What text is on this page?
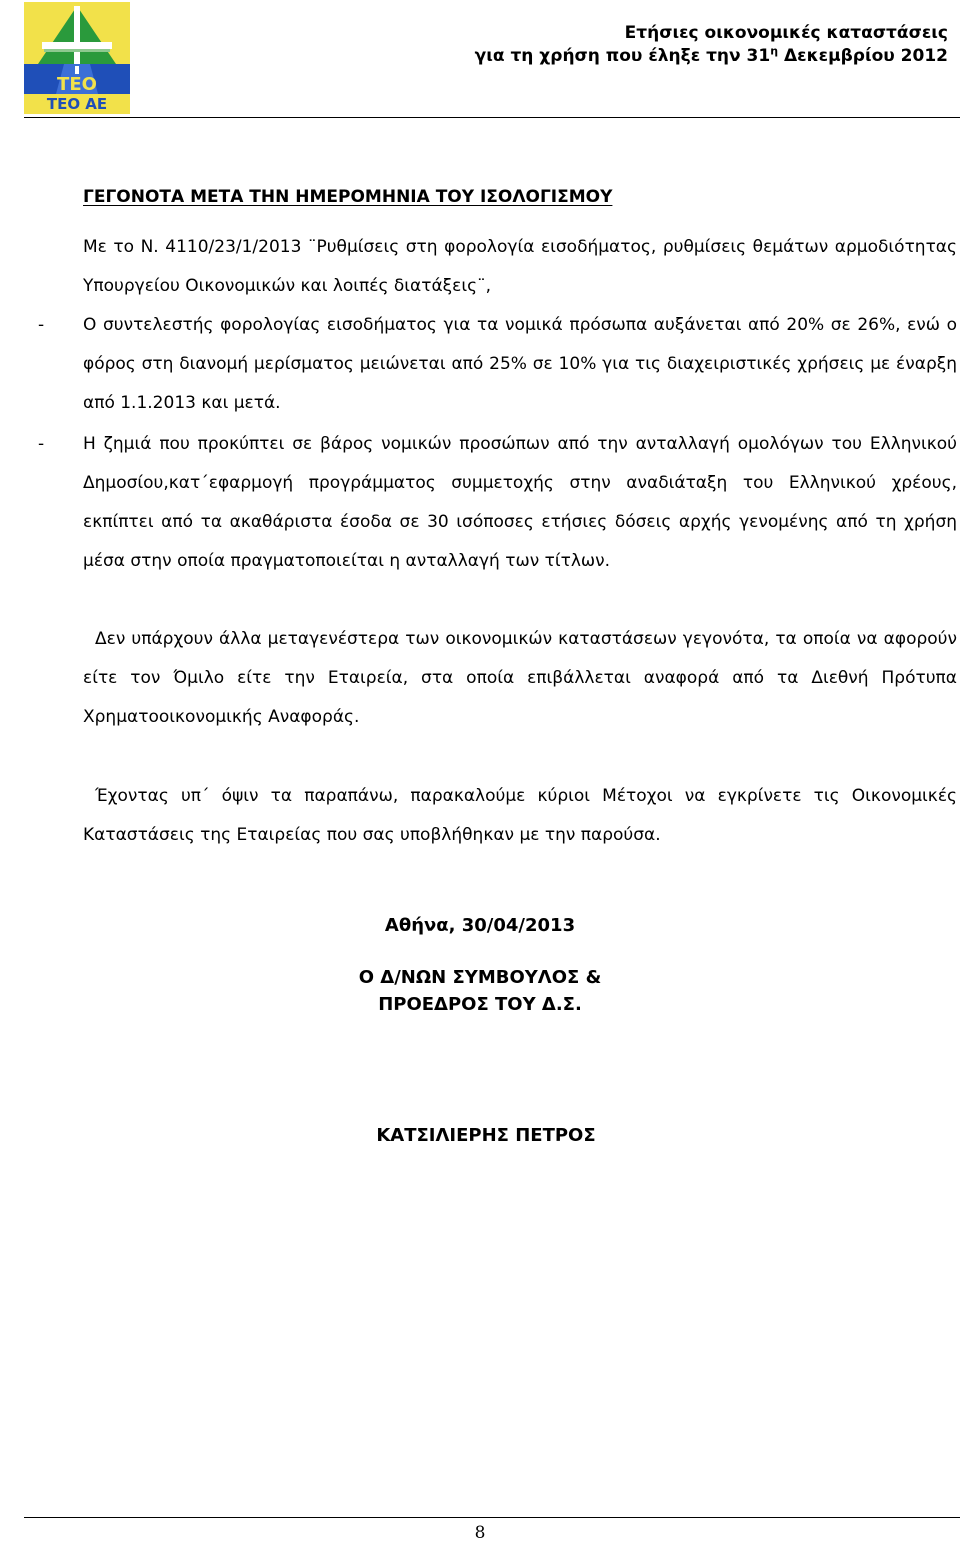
ΤΕΟ
ΤΕΟ ΑΕ
Ετήσιες οικονομικές καταστάσεις
για τη χρήση που έληξε την $31^\eta$ Δεκεμβρίου 2012
ΓΕΓΟΝΟΤΑ ΜΕΤΑ ΤΗΝ ΗΜΕΡΟΜΗΝΙΑ ΤΟΥ ΙΣΟΛΟΓΙΣΜΟΥ
Με το Ν. 4110/23/1/2013 ¨Ρυθμίσεις στη φορολογία εισοδήματος, ρυθμίσεις θεμάτων αρμοδιότητας Υπουργείου Οικονομικών και λοιπές διατάξεις¨,
- Ο συντελεστής φορολογίας εισοδήματος για τα νομικά πρόσωπα αυξάνεται από 20% σε 26%, ενώ ο φόρος στη διανομή μερίσματος μειώνεται από 25% σε 10% για τις διαχειριστικές χρήσεις με έναρξη από 1.1.2013 και μετά.
- Η ζημιά που προκύπτει σε βάρος νομικών προσώπων από την ανταλλαγή ομολόγων του Ελληνικού Δημοσίου,κατ΄εφαρμογή προγράμματος συμμετοχής στην αναδιάταξη του Ελληνικού χρέους, εκπίπτει από τα ακαθάριστα έσοδα σε 30 ισόποσες ετήσιες δόσεις αρχής γενομένης από τη χρήση μέσα στην οποία πραγματοποιείται η ανταλλαγή των τίτλων.
Δεν υπάρχουν άλλα μεταγενέστερα των οικονομικών καταστάσεων γεγονότα, τα οποία να αφορούν είτε τον Όμιλο είτε την Εταιρεία, στα οποία επιβάλλεται αναφορά από τα Διεθνή Πρότυπα Χρηματοοικονομικής Αναφοράς.
Έχοντας υπ΄ όψιν τα παραπάνω, παρακαλούμε κύριοι Μέτοχοι να εγκρίνετε τις Οικονομικές Καταστάσεις της Εταιρείας που σας υποβλήθηκαν με την παρούσα.
Αθήνα, 30/04/2013
Ο Δ/ΝΩΝ ΣΥΜΒΟΥΛΟΣ &
ΠΡΟΕΔΡΟΣ ΤΟΥ Δ.Σ.
ΚΑΤΣΙΛΙΕΡΗΣ ΠΕΤΡΟΣ
8
